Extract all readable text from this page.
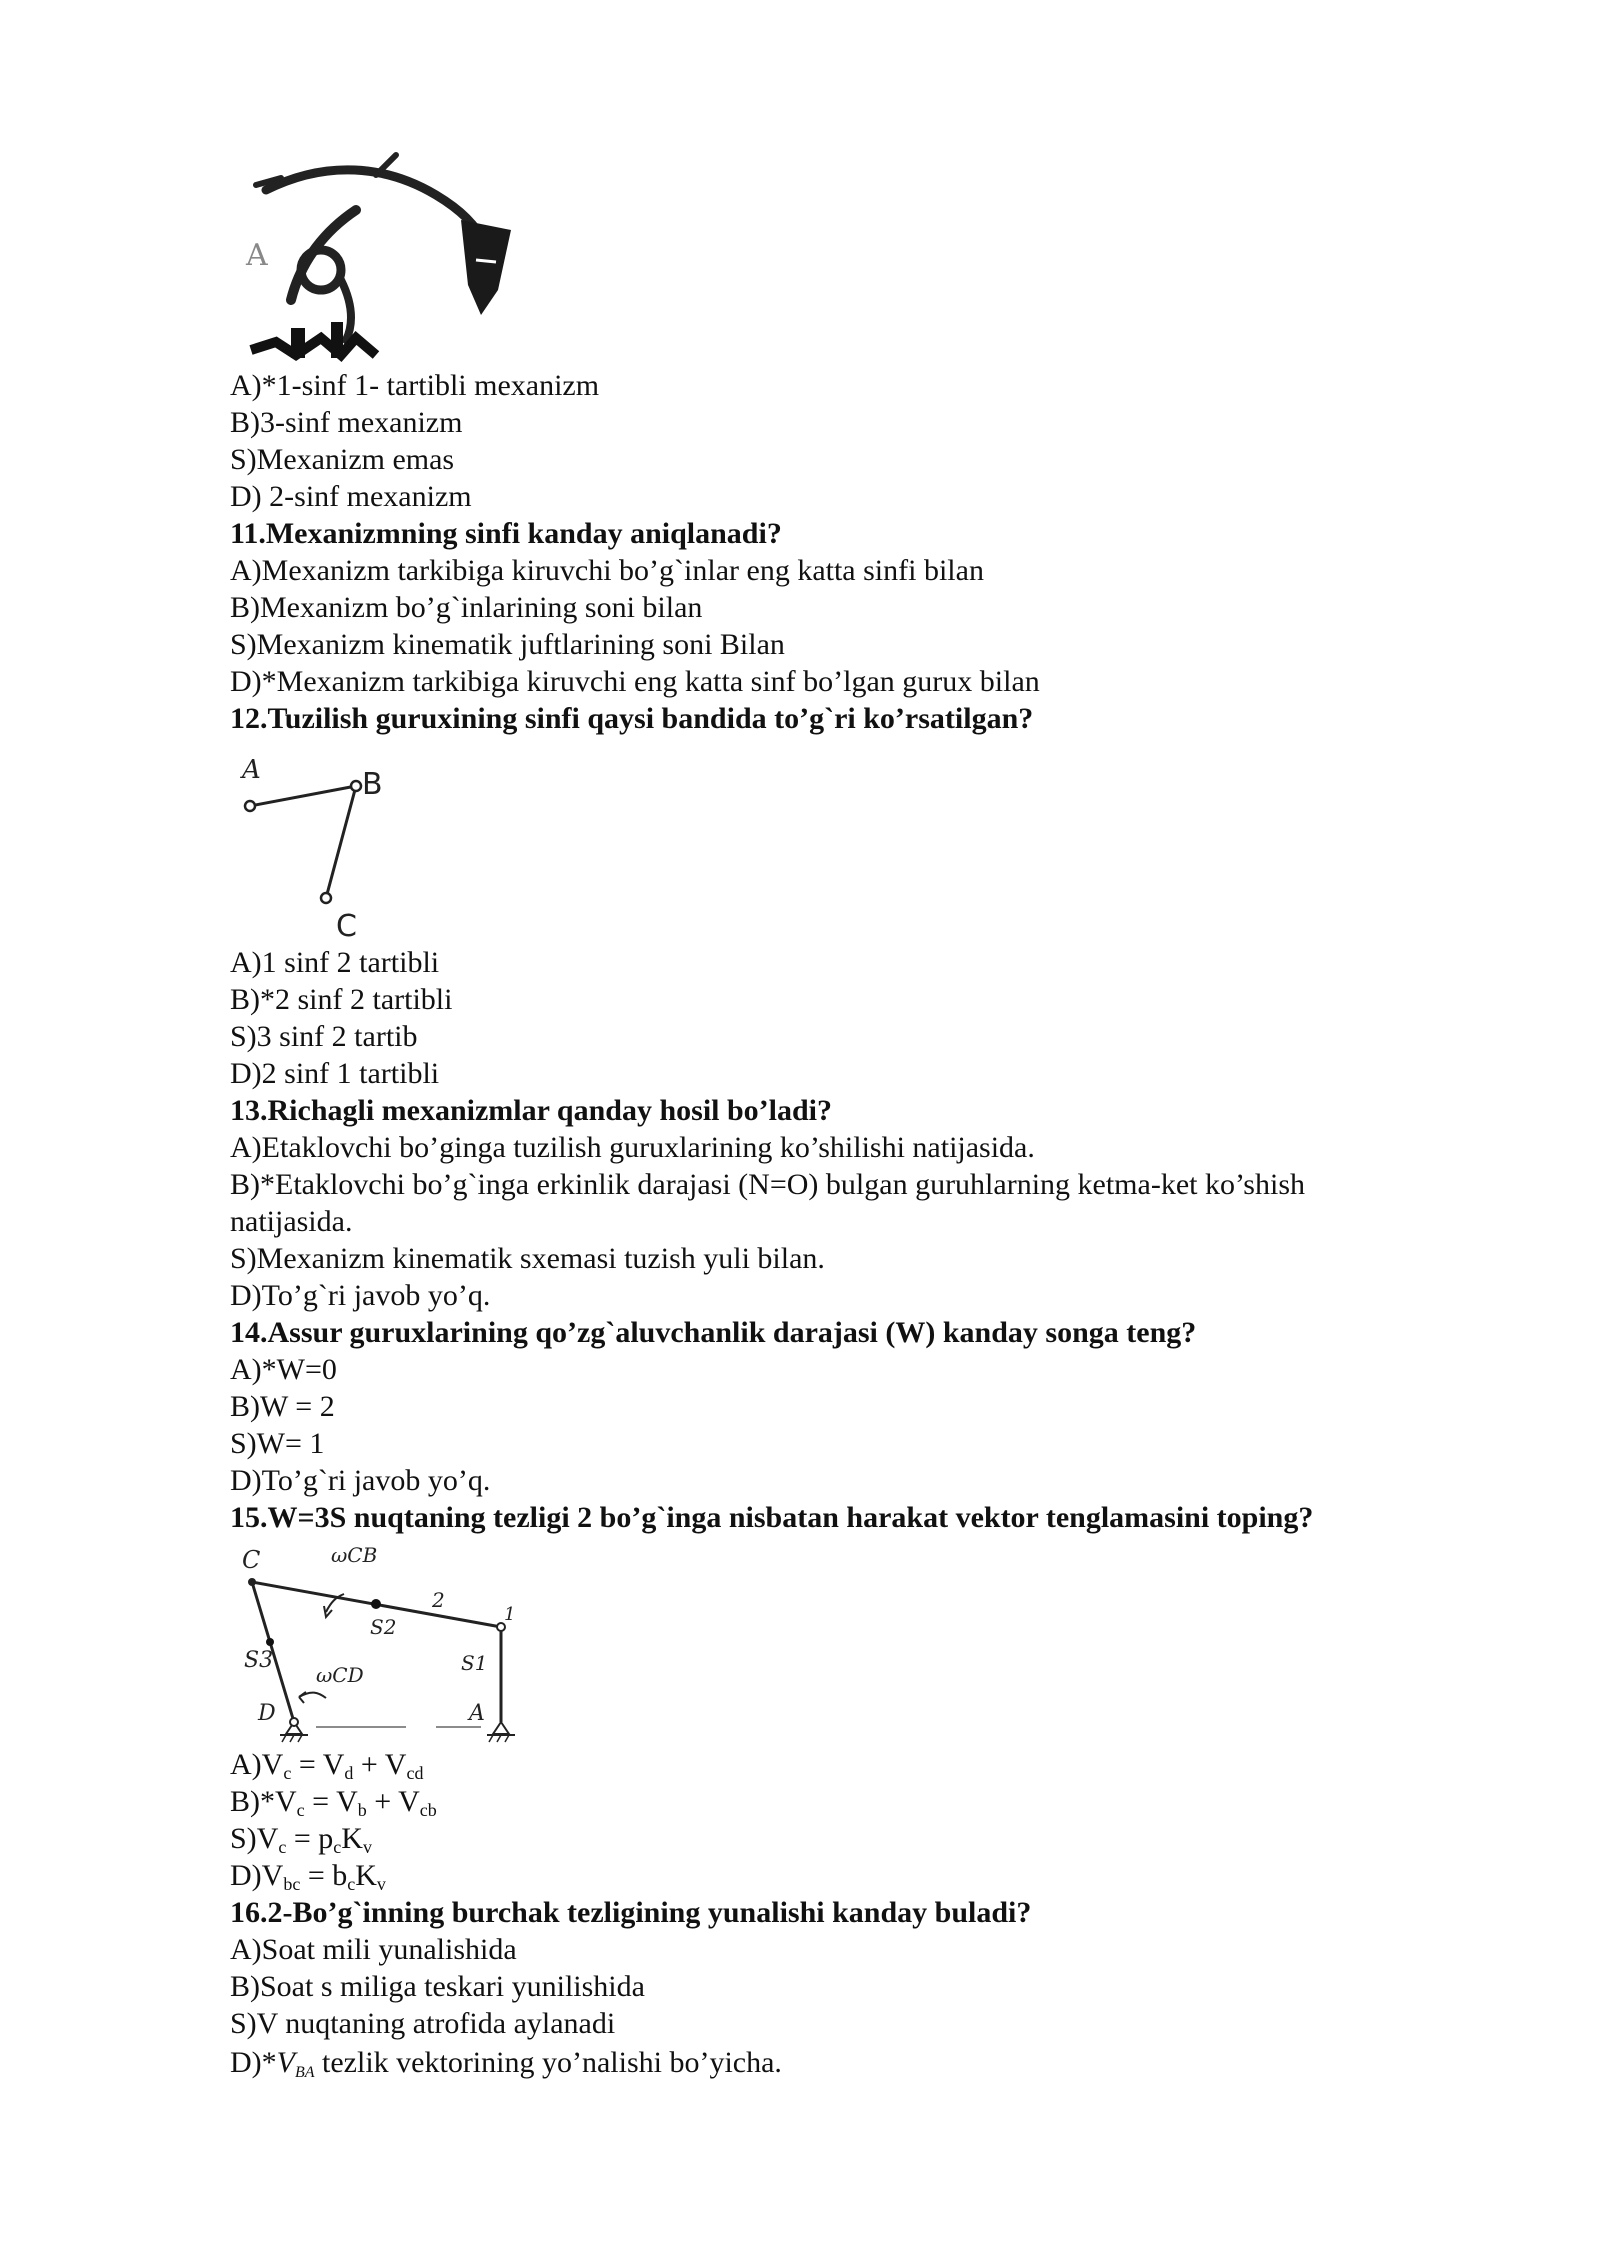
A
A)*1-sinf 1- tartibli mexanizm
B)3-sinf mexanizm
S)Mexanizm emas
D) 2-sinf mexanizm
11.Mexanizmning sinfi kanday aniqlanadi?
A)Mexanizm tarkibiga kiruvchi bo’g`inlar eng katta sinfi bilan
B)Mexanizm bo’g`inlarining soni bilan
S)Mexanizm kinematik juftlarining soni Bilan
D)*Mexanizm tarkibiga kiruvchi eng katta sinf bo’lgan gurux bilan
12.Tuzilish guruxining sinfi qaysi bandida to’g`ri ko’rsatilgan?
A	B
C
A)1 sinf 2 tartibli
B)*2 sinf 2 tartibli
S)3 sinf 2 tartib
D)2 sinf 1 tartibli
13.Richagli mexanizmlar qanday hosil bo’ladi?
A)Etaklovchi bo’ginga tuzilish guruxlarining ko’shilishi natijasida.
B)*Etaklovchi bo’g`inga erkinlik darajasi (N=O) bulgan guruhlarning ketma-ket ko’shish
natijasida.
S)Mexanizm kinematik sxemasi tuzish yuli bilan.
D)To’g`ri javob yo’q.
14.Assur guruxlarining qo’zg`aluvchanlik darajasi (W) kanday songa teng?
A)*W=0
B)W = 2
S)W= 1
D)To’g`ri javob yo’q.
15.W=3S nuqtaning tezligi 2 bo’g`inga nisbatan harakat vektor tenglamasini toping?
C	ωCB
2
S2
1
S3	S1
ωCD
D	A
$A)V_c = V_d + V_{cd}$
$B)*V_c = V_b + V_{cb}$
$S)V_c = p_cK_v$
$D)V_{bc} = b_cK_v$
16.2-Bo’g`inning burchak tezligining yunalishi kanday buladi?
A)Soat mili yunalishida
B)Soat s miliga teskari yunilishida
S)V nuqtaning atrofida aylanadi
$D)*V_{BA}$ tezlik vektorining yo’nalishi bo’yicha.
